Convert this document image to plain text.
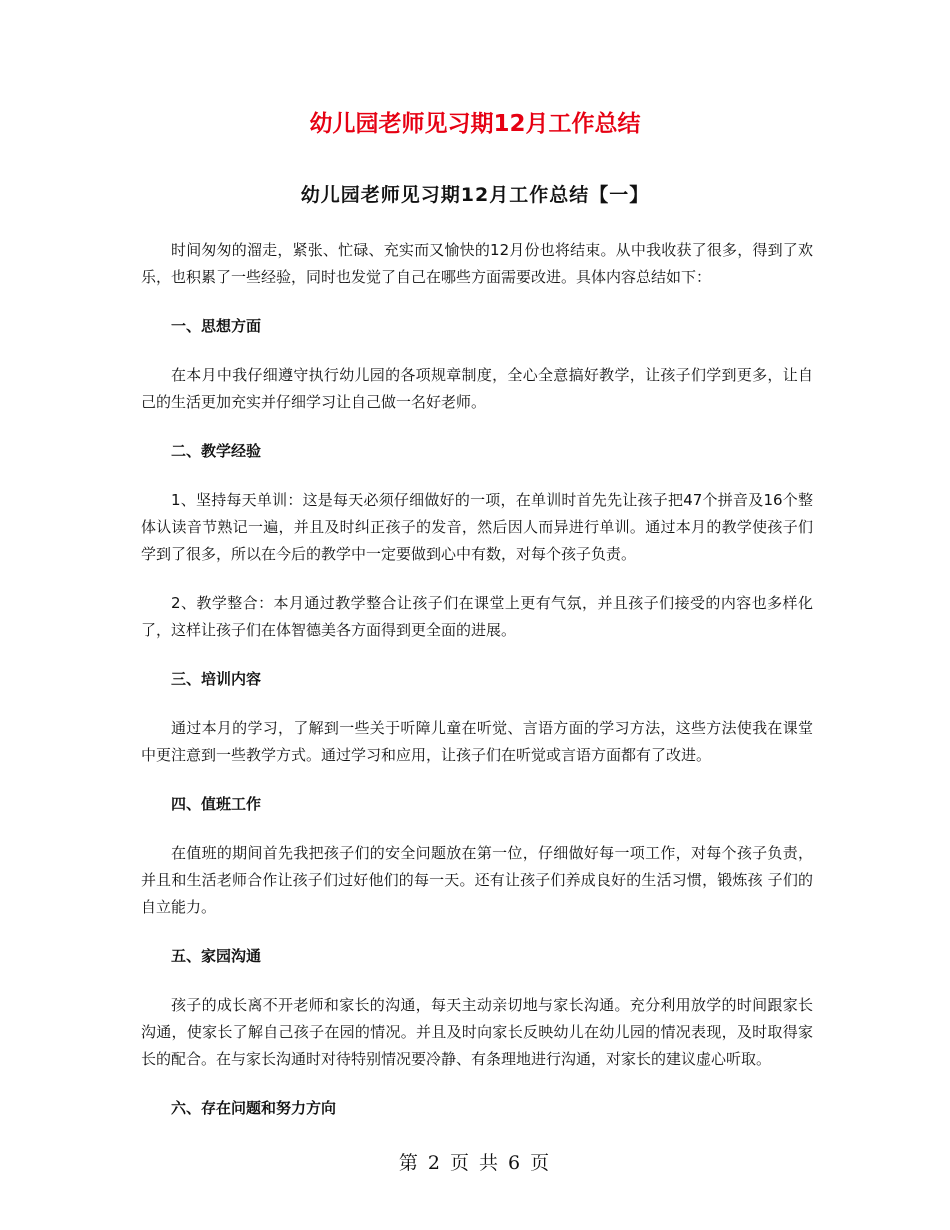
幼儿园老师见习期12月工作总结
幼儿园老师见习期12月工作总结【一】

时间匆匆的溜走，紧张、忙碌、充实而又愉快的12月份也将结束。从中我收获了很多，得到了欢乐，也积累了一些经验，同时也发觉了自己在哪些方面需要改进。具体内容总结如下：

一、思想方面

在本月中我仔细遵守执行幼儿园的各项规章制度，全心全意搞好教学，让孩子们学到更多，让自己的生活更加充实并仔细学习让自己做一名好老师。

二、教学经验

1、坚持每天单训：这是每天必须仔细做好的一项，在单训时首先先让孩子把47个拼音及16个整体认读音节熟记一遍，并且及时纠正孩子的发音，然后因人而异进行单训。通过本月的教学使孩子们学到了很多，所以在今后的教学中一定要做到心中有数，对每个孩子负责。

2、教学整合：本月通过教学整合让孩子们在课堂上更有气氛，并且孩子们接受的内容也多样化了，这样让孩子们在体智德美各方面得到更全面的进展。

三、培训内容

通过本月的学习，了解到一些关于听障儿童在听觉、言语方面的学习方法，这些方法使我在课堂中更注意到一些教学方式。通过学习和应用，让孩子们在听觉或言语方面都有了改进。

四、值班工作

在值班的期间首先我把孩子们的安全问题放在第一位，仔细做好每一项工作，对每个孩子负责，并且和生活老师合作让孩子们过好他们的每一天。还有让孩子们养成良好的生活习惯，锻炼孩 子们的自立能力。

五、家园沟通

孩子的成长离不开老师和家长的沟通，每天主动亲切地与家长沟通。充分利用放学的时间跟家长沟通，使家长了解自己孩子在园的情况。并且及时向家长反映幼儿在幼儿园的情况表现，及时取得家长的配合。在与家长沟通时对待特别情况要冷静、有条理地进行沟通，对家长的建议虚心听取。

六、存在问题和努力方向

第 2 页 共 6 页
